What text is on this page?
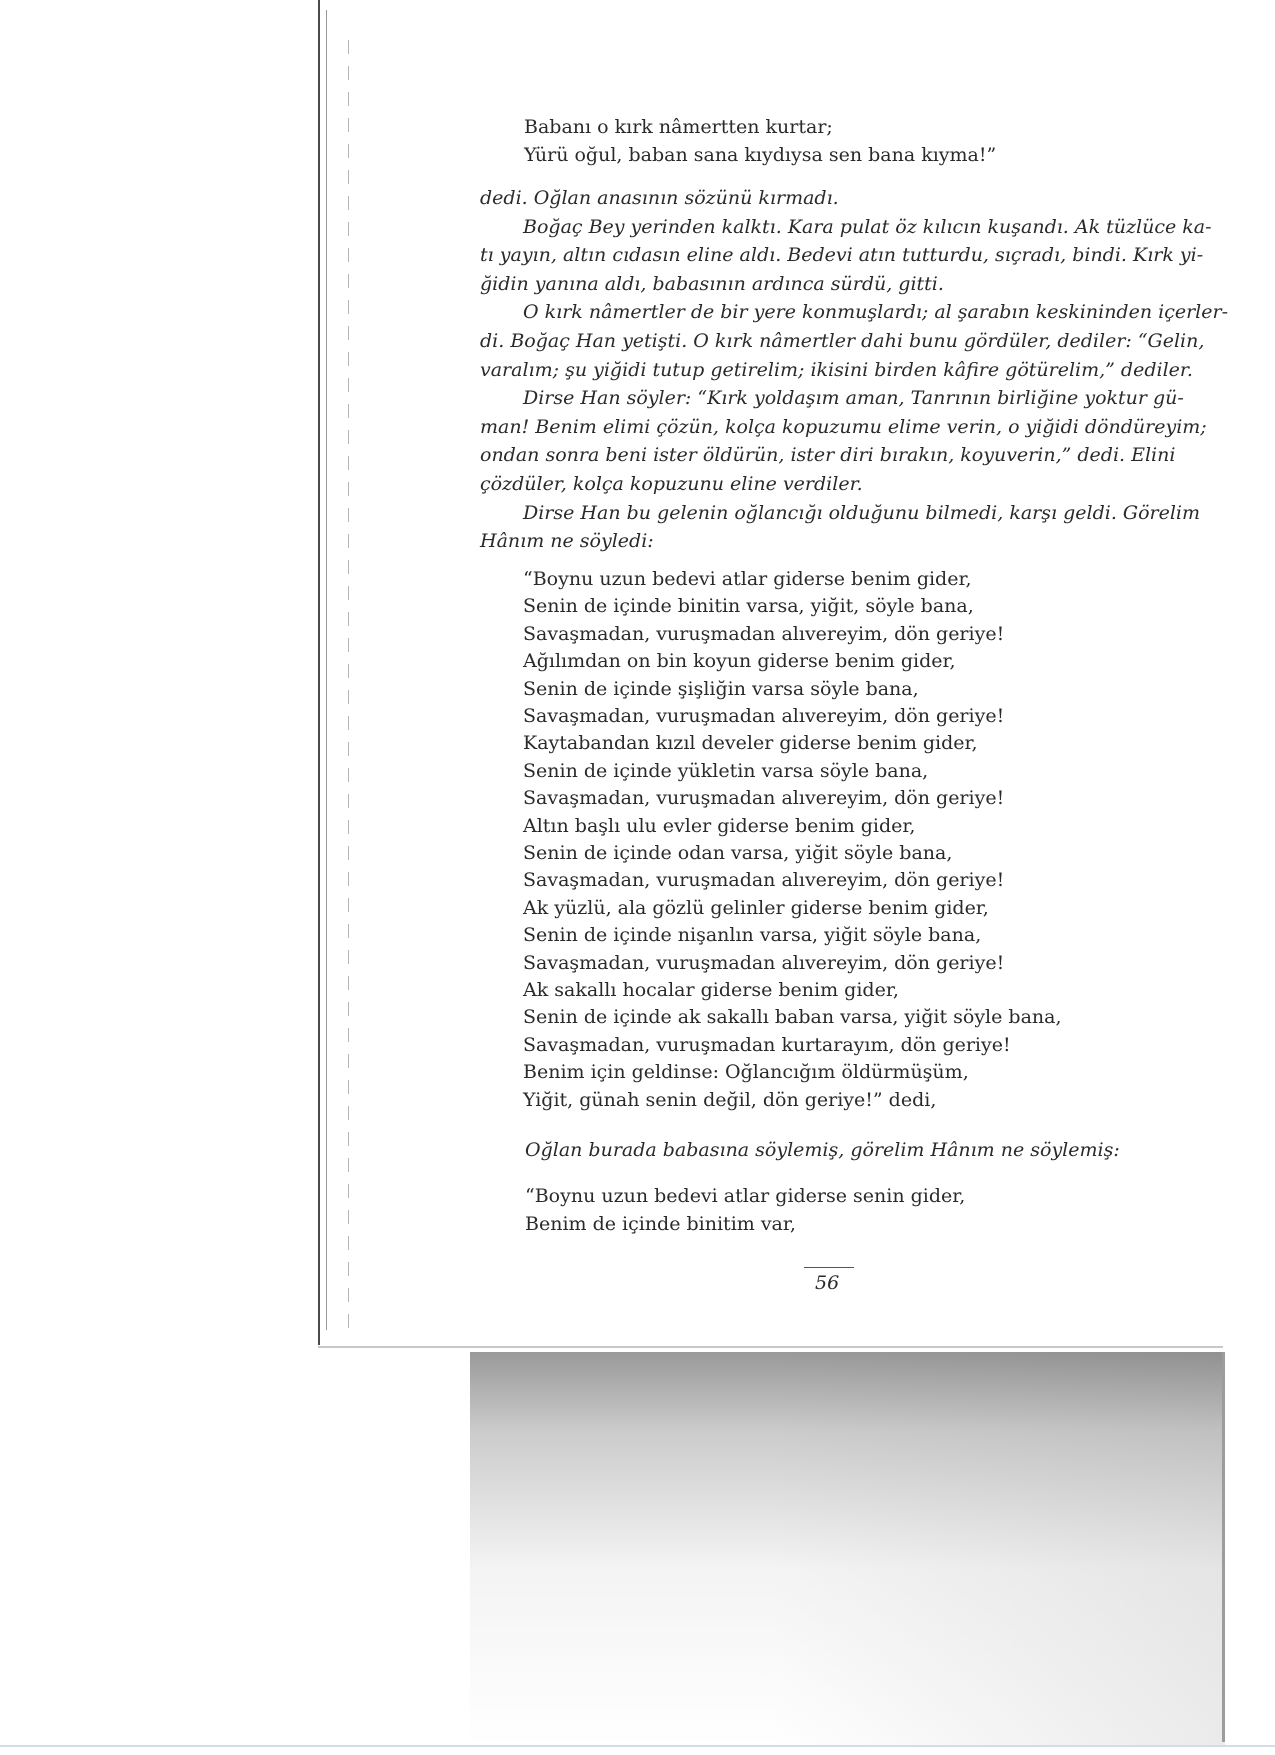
Babanı o kırk nâmertten kurtar;
Yürü oğul, baban sana kıydıysa sen bana kıyma!”
dedi. Oğlan anasının sözünü kırmadı.
Boğaç Bey yerinden kalktı. Kara pulat öz kılıcın kuşandı. Ak tüzlüce ka-
tı yayın, altın cıdasın eline aldı. Bedevi atın tutturdu, sıçradı, bindi. Kırk yi-
ğidin yanına aldı, babasının ardınca sürdü, gitti.
O kırk nâmertler de bir yere konmuşlardı; al şarabın keskininden içerler-
di. Boğaç Han yetişti. O kırk nâmertler dahi bunu gördüler, dediler: “Gelin,
varalım; şu yiğidi tutup getirelim; ikisini birden kâfire götürelim,” dediler.
Dirse Han söyler: “Kırk yoldaşım aman, Tanrının birliğine yoktur gü-
man! Benim elimi çözün, kolça kopuzumu elime verin, o yiğidi döndüreyim;
ondan sonra beni ister öldürün, ister diri bırakın, koyuverin,” dedi. Elini
çözdüler, kolça kopuzunu eline verdiler.
Dirse Han bu gelenin oğlancığı olduğunu bilmedi, karşı geldi. Görelim
Hânım ne söyledi:
“Boynu uzun bedevi atlar giderse benim gider,
Senin de içinde binitin varsa, yiğit, söyle bana,
Savaşmadan, vuruşmadan alıvereyim, dön geriye!
Ağılımdan on bin koyun giderse benim gider,
Senin de içinde şişliğin varsa söyle bana,
Savaşmadan, vuruşmadan alıvereyim, dön geriye!
Kaytabandan kızıl develer giderse benim gider,
Senin de içinde yükletin varsa söyle bana,
Savaşmadan, vuruşmadan alıvereyim, dön geriye!
Altın başlı ulu evler giderse benim gider,
Senin de içinde odan varsa, yiğit söyle bana,
Savaşmadan, vuruşmadan alıvereyim, dön geriye!
Ak yüzlü, ala gözlü gelinler giderse benim gider,
Senin de içinde nişanlın varsa, yiğit söyle bana,
Savaşmadan, vuruşmadan alıvereyim, dön geriye!
Ak sakallı hocalar giderse benim gider,
Senin de içinde ak sakallı baban varsa, yiğit söyle bana,
Savaşmadan, vuruşmadan kurtarayım, dön geriye!
Benim için geldinse: Oğlancığım öldürmüşüm,
Yiğit, günah senin değil, dön geriye!” dedi,
Oğlan burada babasına söylemiş, görelim Hânım ne söylemiş:
“Boynu uzun bedevi atlar giderse senin gider,
Benim de içinde binitim var,
56
